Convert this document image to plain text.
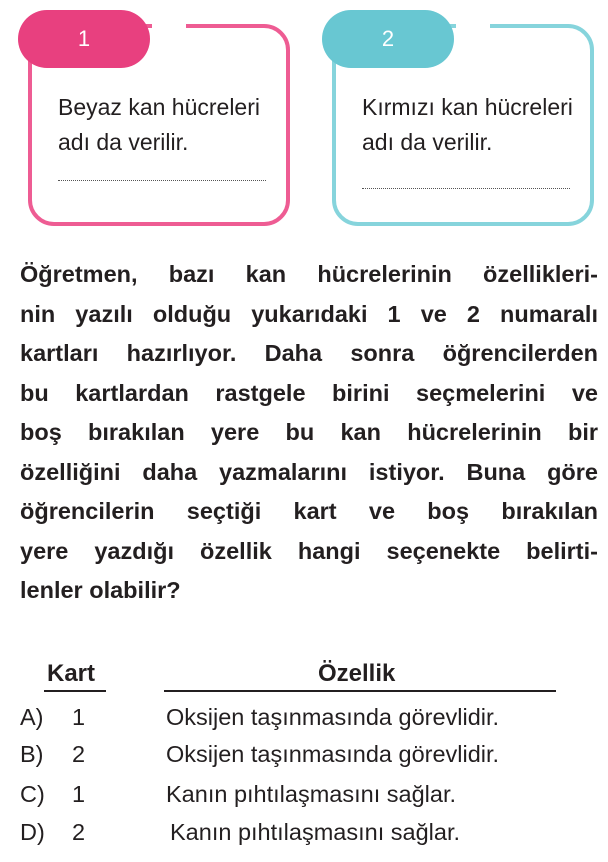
1
Beyaz kan hücreleri
adı da verilir.
2
Kırmızı kan hücreleri
adı da verilir.
Öğretmen, bazı kan hücrelerinin özellikleri-
nin yazılı olduğu yukarıdaki 1 ve 2 numaralı
kartları hazırlıyor. Daha sonra öğrencilerden
bu kartlardan rastgele birini seçmelerini ve
boş bırakılan yere bu kan hücrelerinin bir
özelliğini daha yazmalarını istiyor. Buna göre
öğrencilerin seçtiği kart ve boş bırakılan
yere yazdığı özellik hangi seçenekte belirti-
lenler olabilir?
Kart	Özellik
A) 1	Oksijen taşınmasında görevlidir.
B) 2	Oksijen taşınmasında görevlidir.
C) 1	Kanın pıhtılaşmasını sağlar.
D) 2	Kanın pıhtılaşmasını sağlar.
